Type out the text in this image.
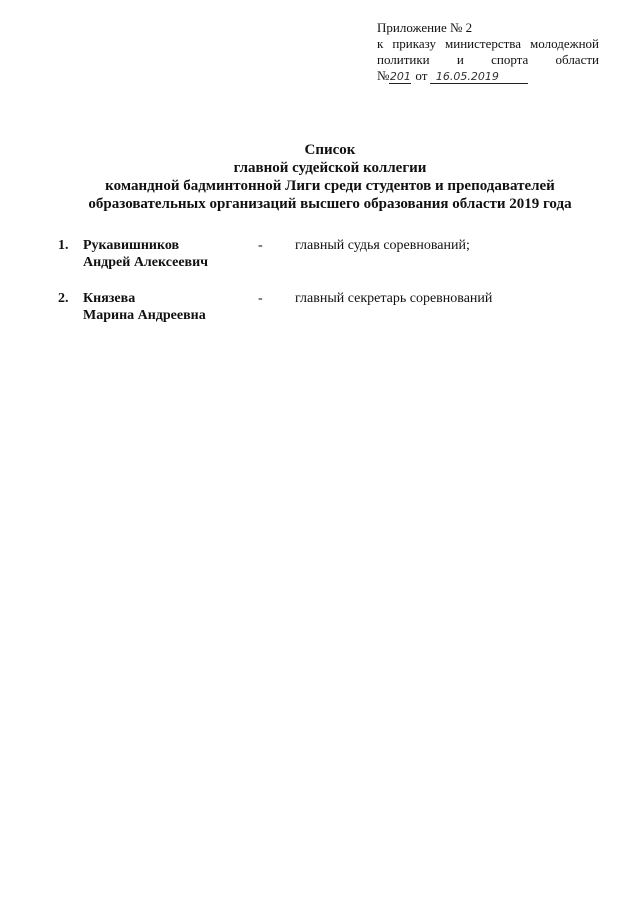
Приложение № 2
к приказу министерства молодежной
политики и спорта области
№ 201 от 16.05.2019
Список
главной судейской коллегии
командной бадминтонной Лиги среди студентов и преподавателей
образовательных организаций высшего образования области 2019 года
1. Рукавишников
Андрей Алексеевич
- главный судья соревнований;
2. Князева
Марина Андреевна
- главный секретарь соревнований
